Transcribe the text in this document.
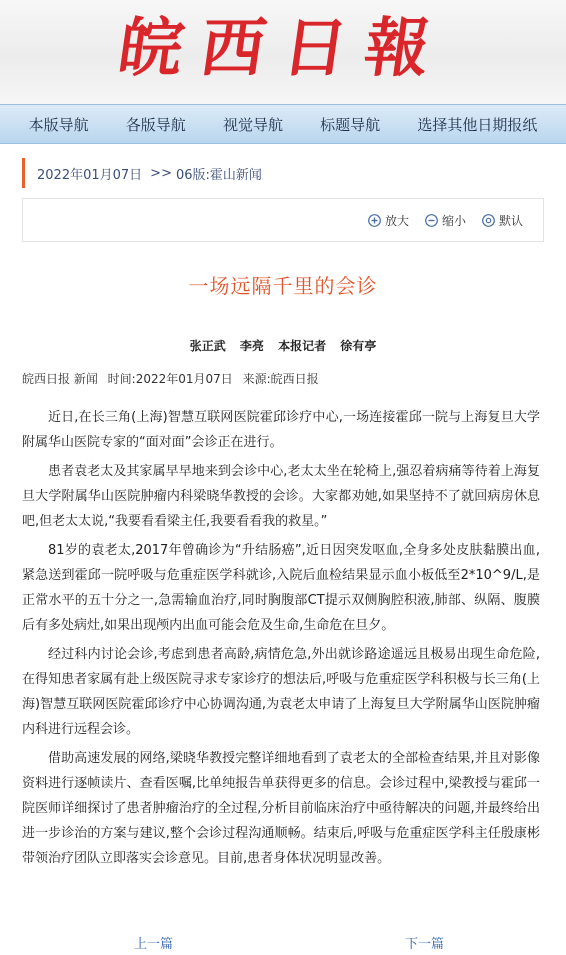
皖西日報
本版导航 各版导航 视觉导航 标题导航 选择其他日期报纸
2022年01月07日 >> 06版:霍山新闻
放大	缩小	默认
一场远隔千里的会诊
张正武 李亮 本报记者 徐有亭
皖西日报 新闻 时间:2022年01月07日 来源:皖西日报

近日,在长三角(上海)智慧互联网医院霍邱诊疗中心,一场连接霍邱一院与上海复旦大学附属华山医院专家的“面对面”会诊正在进行。

患者袁老太及其家属早早地来到会诊中心,老太太坐在轮椅上,强忍着病痛等待着上海复旦大学附属华山医院肿瘤内科梁晓华教授的会诊。大家都劝她,如果坚持不了就回病房休息吧,但老太太说,“我要看看梁主任,我要看看我的救星。”

81岁的袁老太,2017年曾确诊为“升结肠癌”,近日因突发呕血,全身多处皮肤黏膜出血,紧急送到霍邱一院呼吸与危重症医学科就诊,入院后血检结果显示血小板低至2*10^9/L,是正常水平的五十分之一,急需输血治疗,同时胸腹部CT提示双侧胸腔积液,肺部、纵隔、腹膜后有多处病灶,如果出现颅内出血可能会危及生命,生命危在旦夕。

经过科内讨论会诊,考虑到患者高龄,病情危急,外出就诊路途遥远且极易出现生命危险,在得知患者家属有赴上级医院寻求专家诊疗的想法后,呼吸与危重症医学科积极与长三角(上海)智慧互联网医院霍邱诊疗中心协调沟通,为袁老太申请了上海复旦大学附属华山医院肿瘤内科进行远程会诊。

借助高速发展的网络,梁晓华教授完整详细地看到了袁老太的全部检查结果,并且对影像资料进行逐帧读片、查看医嘱,比单纯报告单获得更多的信息。会诊过程中,梁教授与霍邱一院医师详细探讨了患者肿瘤治疗的全过程,分析目前临床治疗中亟待解决的问题,并最终给出进一步诊治的方案与建议,整个会诊过程沟通顺畅。结束后,呼吸与危重症医学科主任殷康彬带领治疗团队立即落实会诊意见。目前,患者身体状况明显改善。

上一篇	下一篇
